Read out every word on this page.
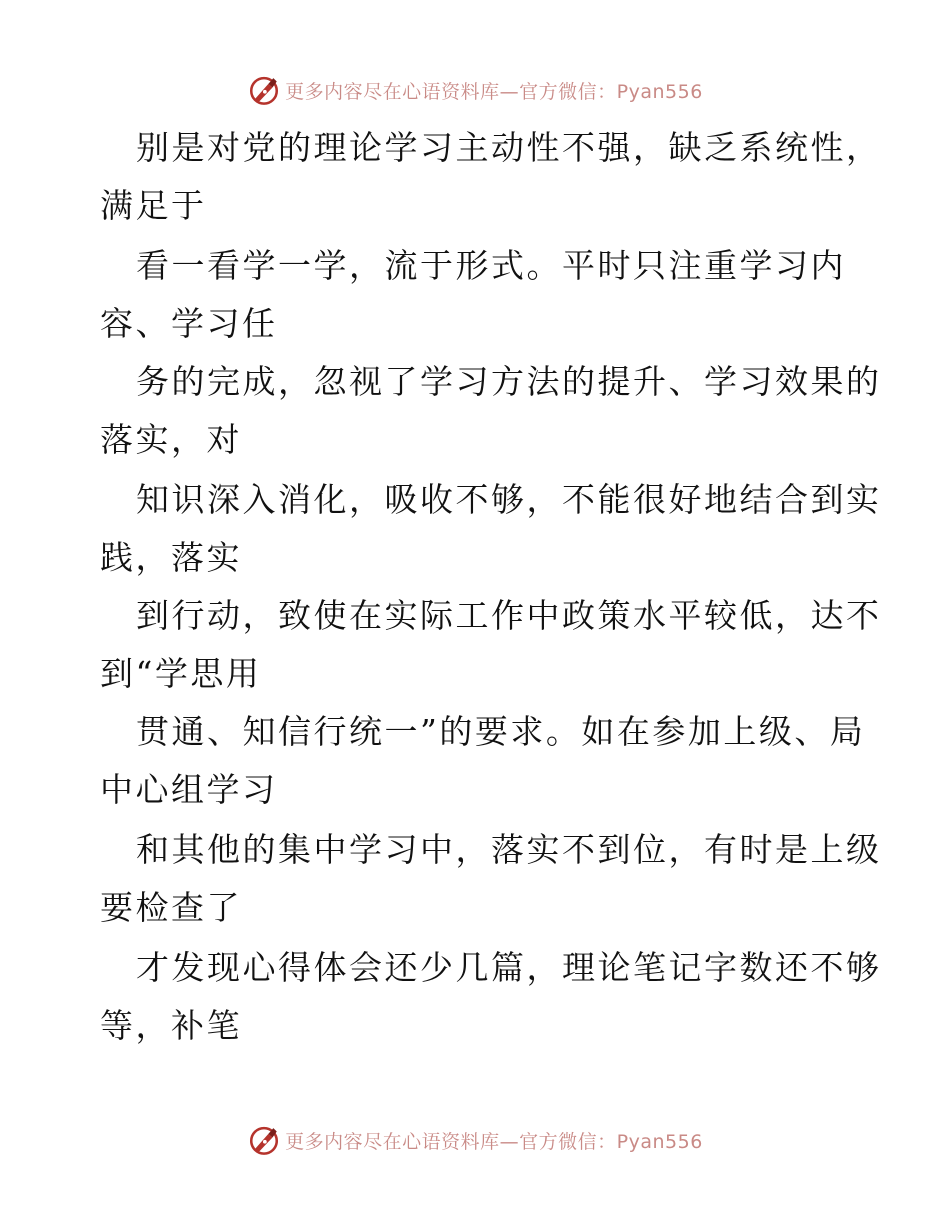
更多内容尽在心语资料库—官方微信：Pyan556
别是对党的理论学习主动性不强，缺乏系统性，
满足于
看一看学一学，流于形式。平时只注重学习内
容、学习任
务的完成，忽视了学习方法的提升、学习效果的
落实，对
知识深入消化，吸收不够，不能很好地结合到实
践，落实
到行动，致使在实际工作中政策水平较低，达不
到“学思用
贯通、知信行统一”的要求。如在参加上级、局
中心组学习
和其他的集中学习中，落实不到位，有时是上级
要检查了
才发现心得体会还少几篇，理论笔记字数还不够
等，补笔
更多内容尽在心语资料库—官方微信：Pyan556
